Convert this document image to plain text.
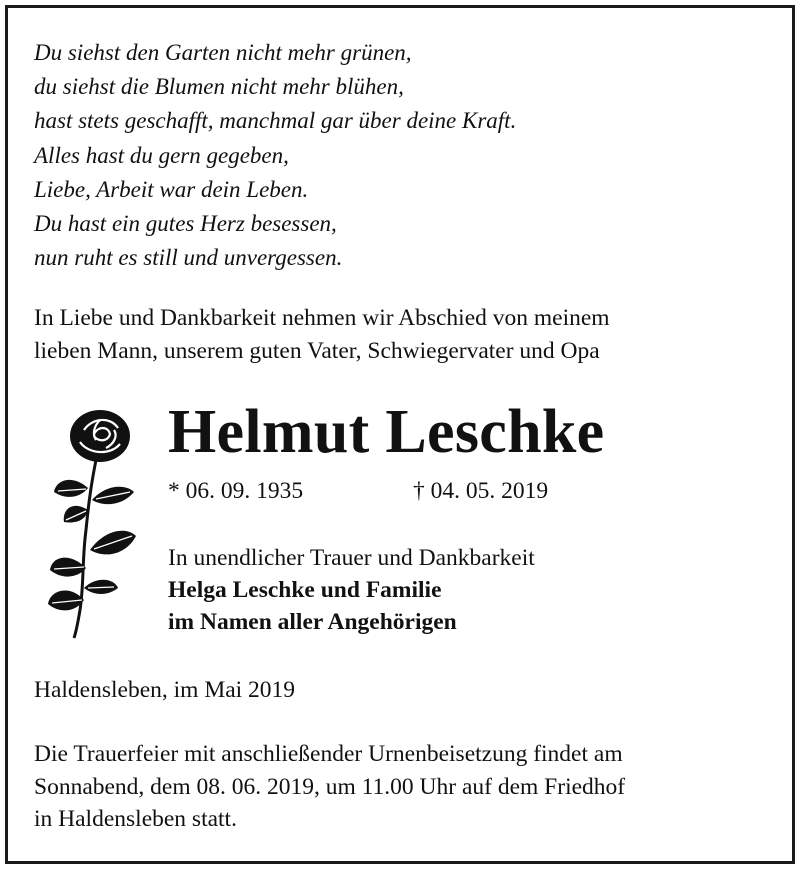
Du siehst den Garten nicht mehr grünen,
du siehst die Blumen nicht mehr blühen,
hast stets geschafft, manchmal gar über deine Kraft.
Alles hast du gern gegeben,
Liebe, Arbeit war dein Leben.
Du hast ein gutes Herz besessen,
nun ruht es still und unvergessen.
In Liebe und Dankbarkeit nehmen wir Abschied von meinem
lieben Mann, unserem guten Vater, Schwiegervater und Opa
Helmut Leschke
* 06. 09. 1935	† 04. 05. 2019
In unendlicher Trauer und Dankbarkeit
Helga Leschke und Familie
im Namen aller Angehörigen
Haldensleben, im Mai 2019
Die Trauerfeier mit anschließender Urnenbeisetzung findet am
Sonnabend, dem 08. 06. 2019, um 11.00 Uhr auf dem Friedhof
in Haldensleben statt.
